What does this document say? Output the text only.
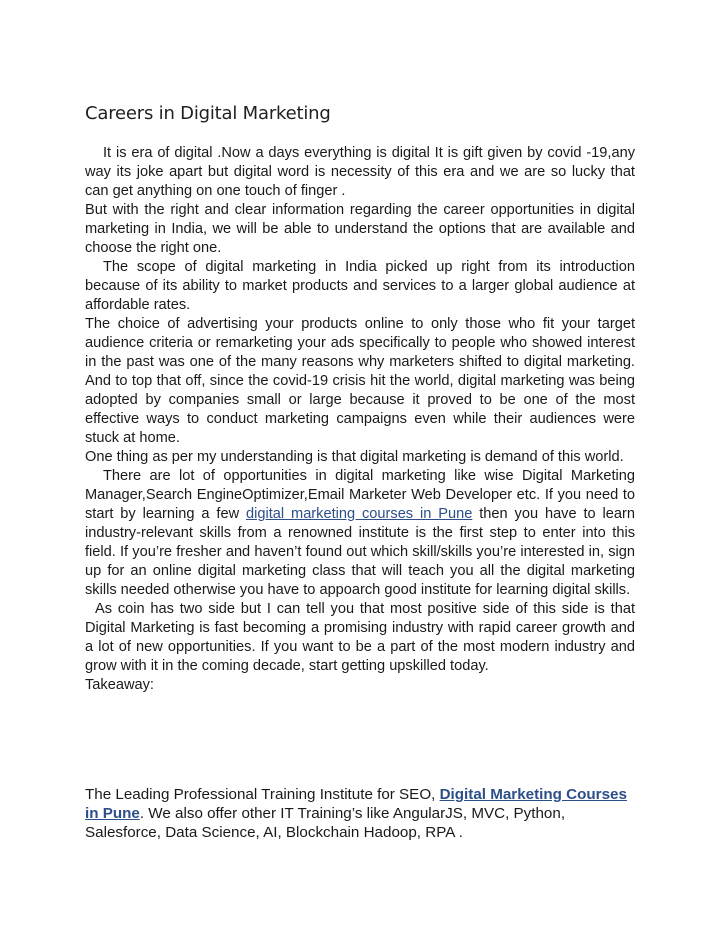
Careers in Digital Marketing

It is era of digital .Now a days everything is digital It is gift given by covid -19,any way its joke apart but digital word is necessity of this era and we are so lucky that can get anything on one touch of finger .

But with the right and clear information regarding the career opportunities in digital marketing in India, we will be able to understand the options that are available and choose the right one.

The scope of digital marketing in India picked up right from its introduction because of its ability to market products and services to a larger global audience at affordable rates.

The choice of advertising your products online to only those who fit your target audience criteria or remarketing your ads specifically to people who showed interest in the past was one of the many reasons why marketers shifted to digital marketing. And to top that off, since the covid-19 crisis hit the world, digital marketing was being adopted by companies small or large because it proved to be one of the most effective ways to conduct marketing campaigns even while their audiences were stuck at home.

One thing as per my understanding is that digital marketing is demand of this world.

There are lot of opportunities in digital marketing like wise Digital Marketing Manager,Search EngineOptimizer,Email Marketer Web Developer etc. If you need to start by learning a few digital marketing courses in Pune then you have to learn industry-relevant skills from a renowned institute is the first step to enter into this field. If you’re fresher and haven’t found out which skill/skills you’re interested in, sign up for an online digital marketing class that will teach you all the digital marketing skills needed otherwise you have to appoarch good institute for learning digital skills.

As coin has two side but I can tell you that most positive side of this side is that Digital Marketing is fast becoming a promising industry with rapid career growth and a lot of new opportunities. If you want to be a part of the most modern industry and grow with it in the coming decade, start getting upskilled today.

Takeaway:

The Leading Professional Training Institute for SEO, Digital Marketing Courses in Pune. We also offer other IT Training’s like AngularJS, MVC, Python, Salesforce, Data Science, AI, Blockchain Hadoop, RPA .
